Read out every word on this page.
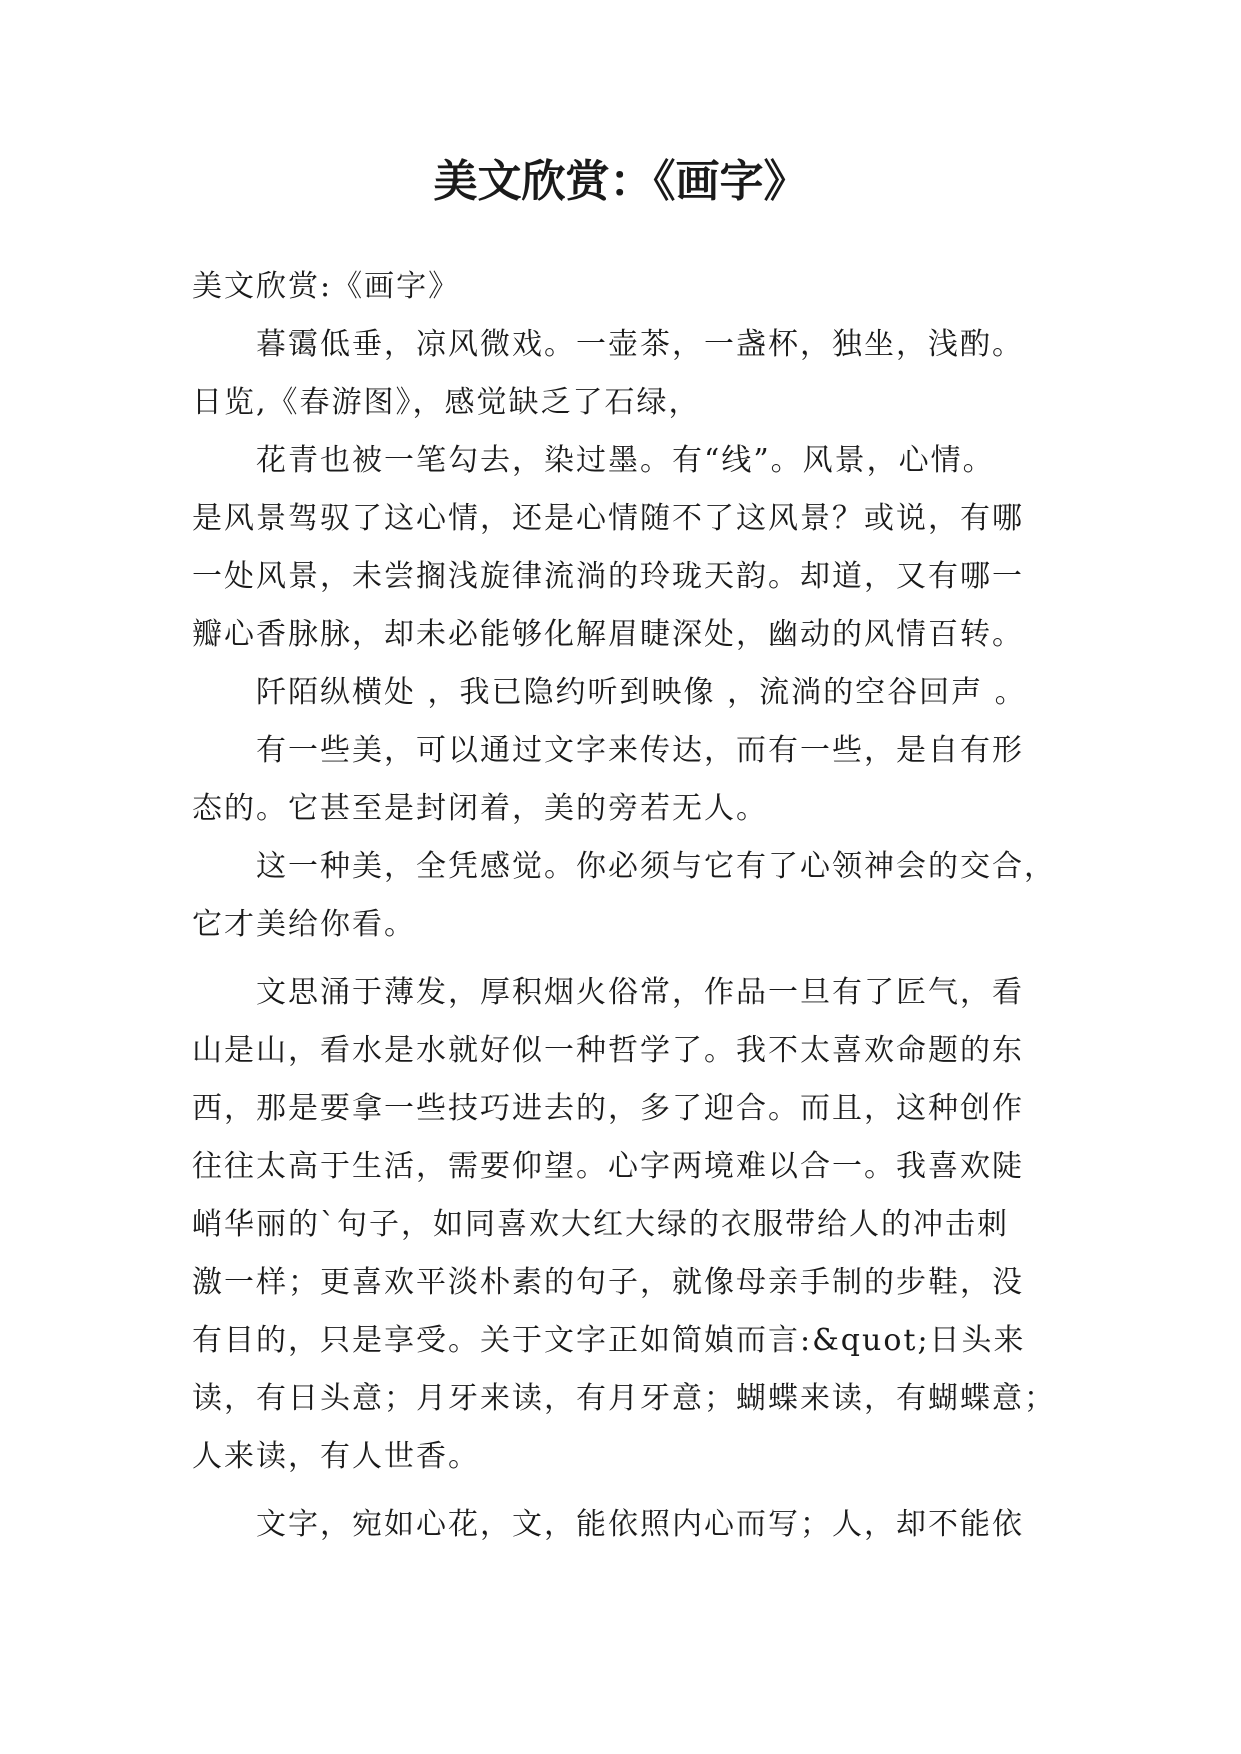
美文欣赏：《画字》
美文欣赏:《画字》
暮霭低垂，凉风微戏。一壶茶，一盏杯，独坐，浅酌。
日览,《春游图》，感觉缺乏了石绿，
花青也被一笔勾去，染过墨。有“线”。风景，心情。
是风景驾驭了这心情，还是心情随不了这风景？或说，有哪
一处风景，未尝搁浅旋律流淌的玲珑天韵。却道，又有哪一
瓣心香脉脉，却未必能够化解眉睫深处，幽动的风情百转。
阡陌纵横处 ，我已隐约听到映像 ，流淌的空谷回声 。
有一些美，可以通过文字来传达，而有一些，是自有形
态的。它甚至是封闭着，美的旁若无人。
这一种美，全凭感觉。你必须与它有了心领神会的交合，
它才美给你看。
文思涌于薄发，厚积烟火俗常，作品一旦有了匠气，看
山是山，看水是水就好似一种哲学了。我不太喜欢命题的东
西，那是要拿一些技巧进去的，多了迎合。而且，这种创作
往往太高于生活，需要仰望。心字两境难以合一。我喜欢陡
峭华丽的`句子，如同喜欢大红大绿的衣服带给人的冲击刺
激一样；更喜欢平淡朴素的句子，就像母亲手制的步鞋，没
有目的，只是享受。关于文字正如简媜而言:&quot;日头来
读，有日头意；月牙来读，有月牙意；蝴蝶来读，有蝴蝶意；
人来读，有人世香。
文字，宛如心花，文，能依照内心而写；人，却不能依
